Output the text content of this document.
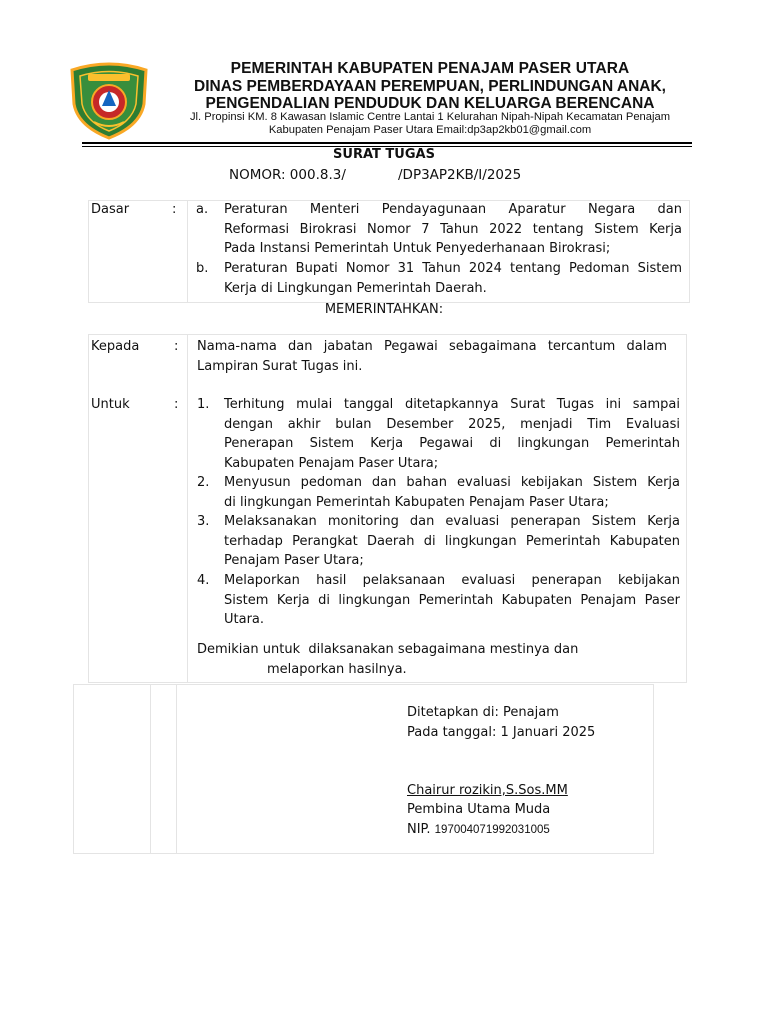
PEMERINTAH KABUPATEN PENAJAM PASER UTARA
DINAS PEMBERDAYAAN PEREMPUAN, PERLINDUNGAN ANAK,
PENGENDALIAN PENDUDUK DAN KELUARGA BERENCANA
Jl. Propinsi KM. 8 Kawasan Islamic Centre Lantai 1 Kelurahan Nipah-Nipah Kecamatan Penajam
Kabupaten Penajam Paser Utara Email:dp3ap2kb01@gmail.com
SURAT TUGAS
NOMOR: 000.8.3/	/DP3AP2KB/I/2025
Dasar	: a. Peraturan Menteri Pendayagunaan Aparatur Negara dan
Reformasi Birokrasi Nomor 7 Tahun 2022 tentang Sistem Kerja
Pada Instansi Pemerintah Untuk Penyederhanaan Birokrasi;
b. Peraturan Bupati Nomor 31 Tahun 2024 tentang Pedoman Sistem
Kerja di Lingkungan Pemerintah Daerah.
MEMERINTAHKAN:
Kepada	: Nama-nama dan jabatan Pegawai sebagaimana tercantum dalam
Lampiran Surat Tugas ini.
Untuk	: 1. Terhitung mulai tanggal ditetapkannya Surat Tugas ini sampai
dengan akhir bulan Desember 2025, menjadi Tim Evaluasi
Penerapan Sistem Kerja Pegawai di lingkungan Pemerintah
Kabupaten Penajam Paser Utara;
2. Menyusun pedoman dan bahan evaluasi kebijakan Sistem Kerja
di lingkungan Pemerintah Kabupaten Penajam Paser Utara;
3. Melaksanakan monitoring dan evaluasi penerapan Sistem Kerja
terhadap Perangkat Daerah di lingkungan Pemerintah Kabupaten
Penajam Paser Utara;
4. Melaporkan hasil pelaksanaan evaluasi penerapan kebijakan
Sistem Kerja di lingkungan Pemerintah Kabupaten Penajam Paser
Utara.
Demikian untuk  dilaksanakan sebagaimana mestinya dan
melaporkan hasilnya.
Ditetapkan di: Penajam
Pada tanggal: 1 Januari 2025
Chairur rozikin,S.Sos.MM
Pembina Utama Muda
NIP. 197004071992031005
